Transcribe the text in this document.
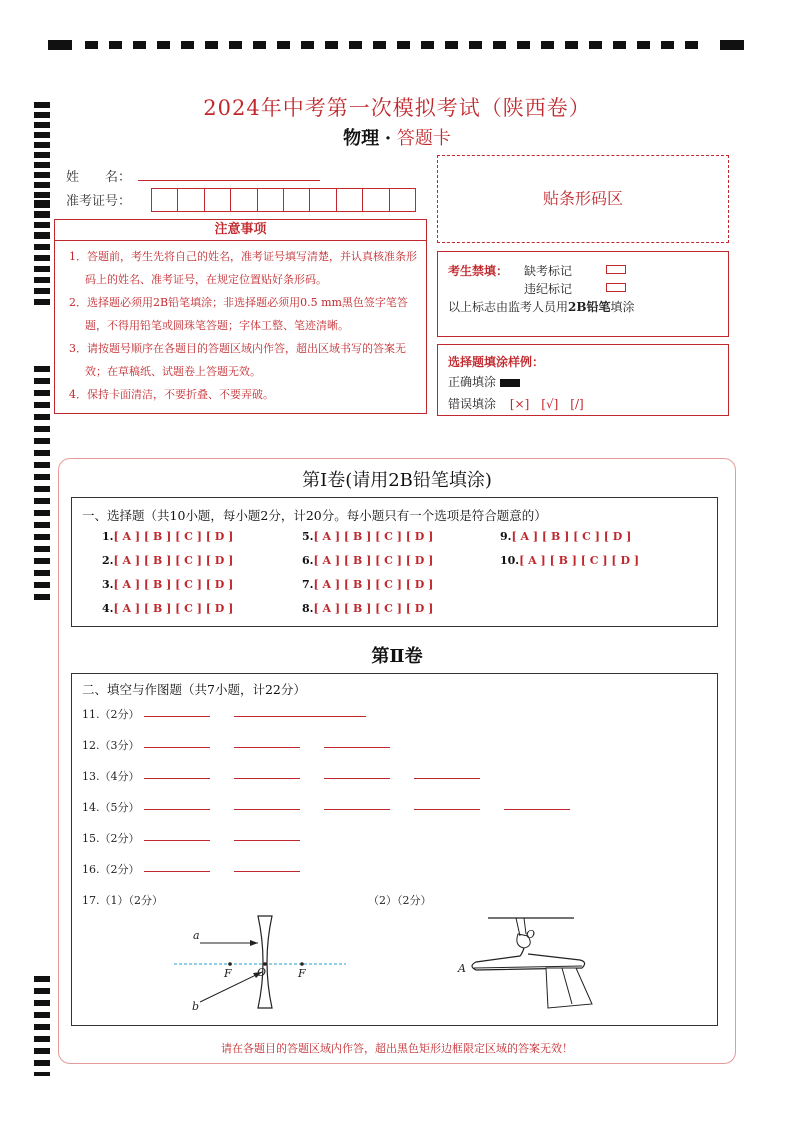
2024年中考第一次模拟考试（陕西卷）
物理 · 答题卡
姓　　名：
准考证号：
注意事项
1．答题前，考生先将自己的姓名，准考证号填写清楚，并认真核准条形码上的姓名、准考证号，在规定位置贴好条形码。
2．选择题必须用2B铅笔填涂；非选择题必须用0.5 mm黑色签字笔答题，不得用铅笔或圆珠笔答题；字体工整、笔迹清晰。
3．请按题号顺序在各题目的答题区域内作答，超出区域书写的答案无效；在草稿纸、试题卷上答题无效。
4．保持卡面清洁，不要折叠、不要弄破。
贴条形码区
考生禁填： 缺考标记
违纪标记
以上标志由监考人员用2B铅笔填涂
选择题填涂样例：
正确填涂
错误填涂 [×]　[√]　[/]
第Ⅰ卷(请用2B铅笔填涂)
一、选择题（共10小题，每小题2分，计20分。每小题只有一个选项是符合题意的）
1.[ A ] [ B ] [ C ] [ D ]
2.[ A ] [ B ] [ C ] [ D ]
3.[ A ] [ B ] [ C ] [ D ]
4.[ A ] [ B ] [ C ] [ D ]
5.[ A ] [ B ] [ C ] [ D ]
6.[ A ] [ B ] [ C ] [ D ]
7.[ A ] [ B ] [ C ] [ D ]
8.[ A ] [ B ] [ C ] [ D ]
9.[ A ] [ B ] [ C ] [ D ]
10.[ A ] [ B ] [ C ] [ D ]
第Ⅱ卷
二、填空与作图题（共7小题，计22分）
11.（2分）
12.（3分）
13.（4分）
14.（5分）
15.（2分）
16.（2分）
17.（1）（2分）	（2）（2分）
a
b
F O	F
O
A
请在各题目的答题区域内作答，超出黑色矩形边框限定区域的答案无效！
